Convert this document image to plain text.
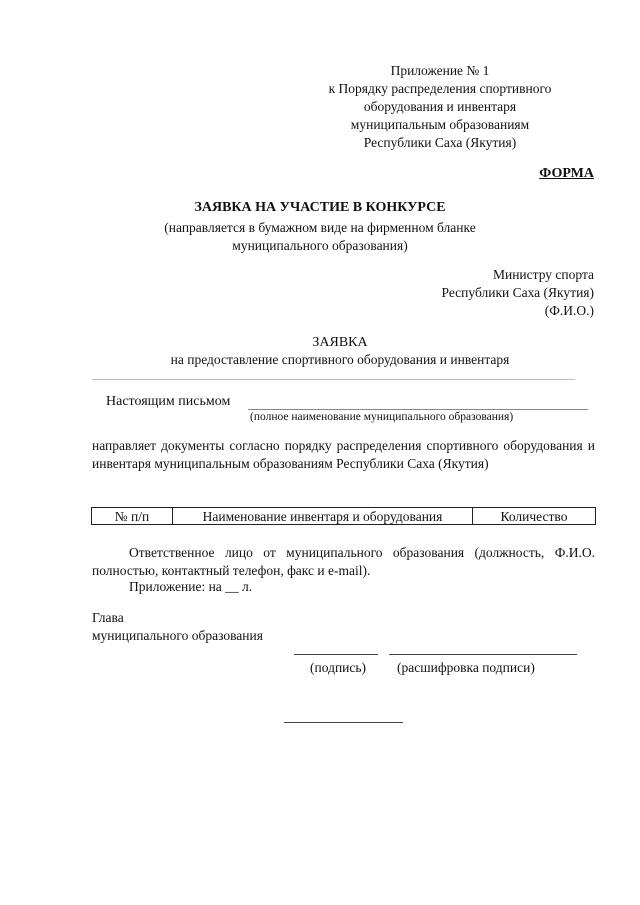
Приложение № 1
к Порядку распределения спортивного
оборудования и инвентаря
муниципальным образованиям
Республики Саха (Якутия)
ФОРМА
ЗАЯВКА НА УЧАСТИЕ В КОНКУРСЕ
(направляется в бумажном виде на фирменном бланке
муниципального образования)
Министру спорта
Республики Саха (Якутия)
(Ф.И.О.)
ЗАЯВКА
на предоставление спортивного оборудования и инвентаря
Настоящим письмом
(полное наименование муниципального образования)
направляет документы согласно порядку распределения спортивного оборудования и инвентаря муниципальным образованиям Республики Саха (Якутия)
№ п/п	Наименование инвентаря и оборудования	Количество
Ответственное лицо от муниципального образования (должность, Ф.И.О. полностью, контактный телефон, факс и e-mail).
Приложение: на __ л.
Глава
муниципального образования
(подпись) (расшифровка подписи)
